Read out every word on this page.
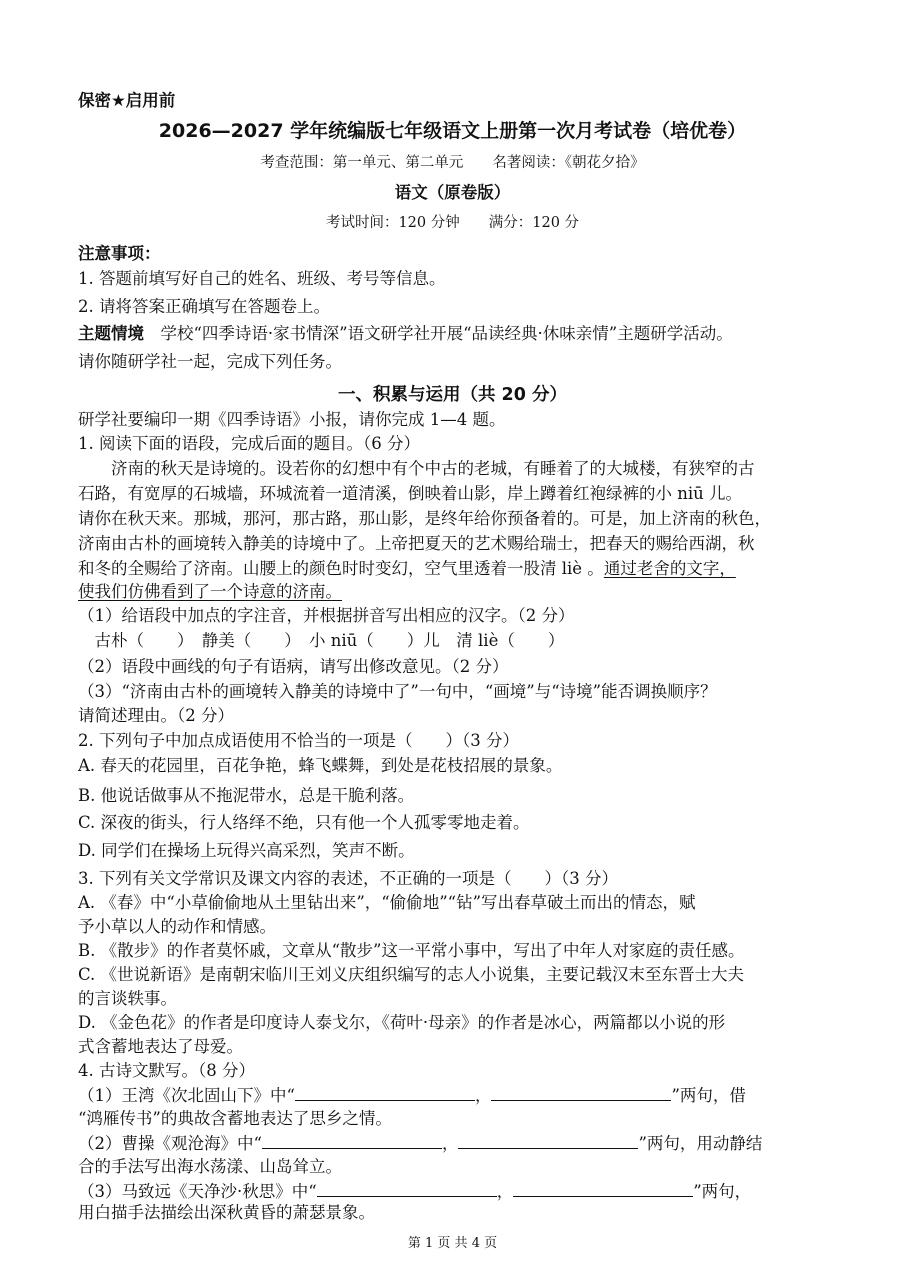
保密★启用前
2026—2027 学年统编版七年级语文上册第一次月考试卷（培优卷）
考查范围：第一单元、第二单元　　名著阅读：《朝花夕拾》
语文（原卷版）
考试时间：120 分钟　　满分：120 分
注意事项：
1. 答题前填写好自己的姓名、班级、考号等信息。
2. 请将答案正确填写在答题卷上。
主题情境　学校“四季诗语·家书情深”语文研学社开展“品读经典·休味亲情”主题研学活动。
请你随研学社一起，完成下列任务。
一、积累与运用（共 20 分）
研学社要编印一期《四季诗语》小报，请你完成 1—4 题。
1. 阅读下面的语段，完成后面的题目。（6 分）
　　济南的秋天是诗境的。设若你的幻想中有个中古的老城，有睡着了的大城楼，有狭窄的古
石路，有宽厚的石城墙，环城流着一道清溪，倒映着山影，岸上蹲着红袍绿裤的小 niū 儿。
请你在秋天来。那城，那河，那古路，那山影，是终年给你预备着的。可是，加上济南的秋色，
济南由古朴的画境转入静美的诗境中了。上帝把夏天的艺术赐给瑞士，把春天的赐给西湖，秋
和冬的全赐给了济南。山腰上的颜色时时变幻，空气里透着一股清 liè 。通过老舍的文字，
使我们仿佛看到了一个诗意的济南。
（1）给语段中加点的字注音，并根据拼音写出相应的汉字。（2 分）
　古朴（　　）　静美（　　）　小 niū（　　）儿　清 liè（　　）
（2）语段中画线的句子有语病，请写出修改意见。（2 分）
（3）“济南由古朴的画境转入静美的诗境中了”一句中，“画境”与“诗境”能否调换顺序？
请简述理由。（2 分）
2. 下列句子中加点成语使用不恰当的一项是（　　）（3 分）
A. 春天的花园里，百花争艳，蜂飞蝶舞，到处是花枝招展的景象。
B. 他说话做事从不拖泥带水，总是干脆利落。
C. 深夜的街头，行人络绎不绝，只有他一个人孤零零地走着。
D. 同学们在操场上玩得兴高采烈，笑声不断。
3. 下列有关文学常识及课文内容的表述，不正确的一项是（　　）（3 分）
A. 《春》中“小草偷偷地从土里钻出来”，“偷偷地”“钻”写出春草破土而出的情态，赋
予小草以人的动作和情感。
B. 《散步》的作者莫怀戚，文章从“散步”这一平常小事中，写出了中年人对家庭的责任感。
C. 《世说新语》是南朝宋临川王刘义庆组织编写的志人小说集，主要记载汉末至东晋士大夫
的言谈轶事。
D. 《金色花》的作者是印度诗人泰戈尔，《荷叶·母亲》的作者是冰心，两篇都以小说的形
式含蓄地表达了母爱。
4. 古诗文默写。（8 分）
（1）王湾《次北固山下》中“	，	”两句，借
“鸿雁传书”的典故含蓄地表达了思乡之情。
（2）曹操《观沧海》中“	，	”两句，用动静结
合的手法写出海水荡漾、山岛耸立。
（3）马致远《天净沙·秋思》中“	，	”两句，
用白描手法描绘出深秋黄昏的萧瑟景象。
第 1 页 共 4 页
